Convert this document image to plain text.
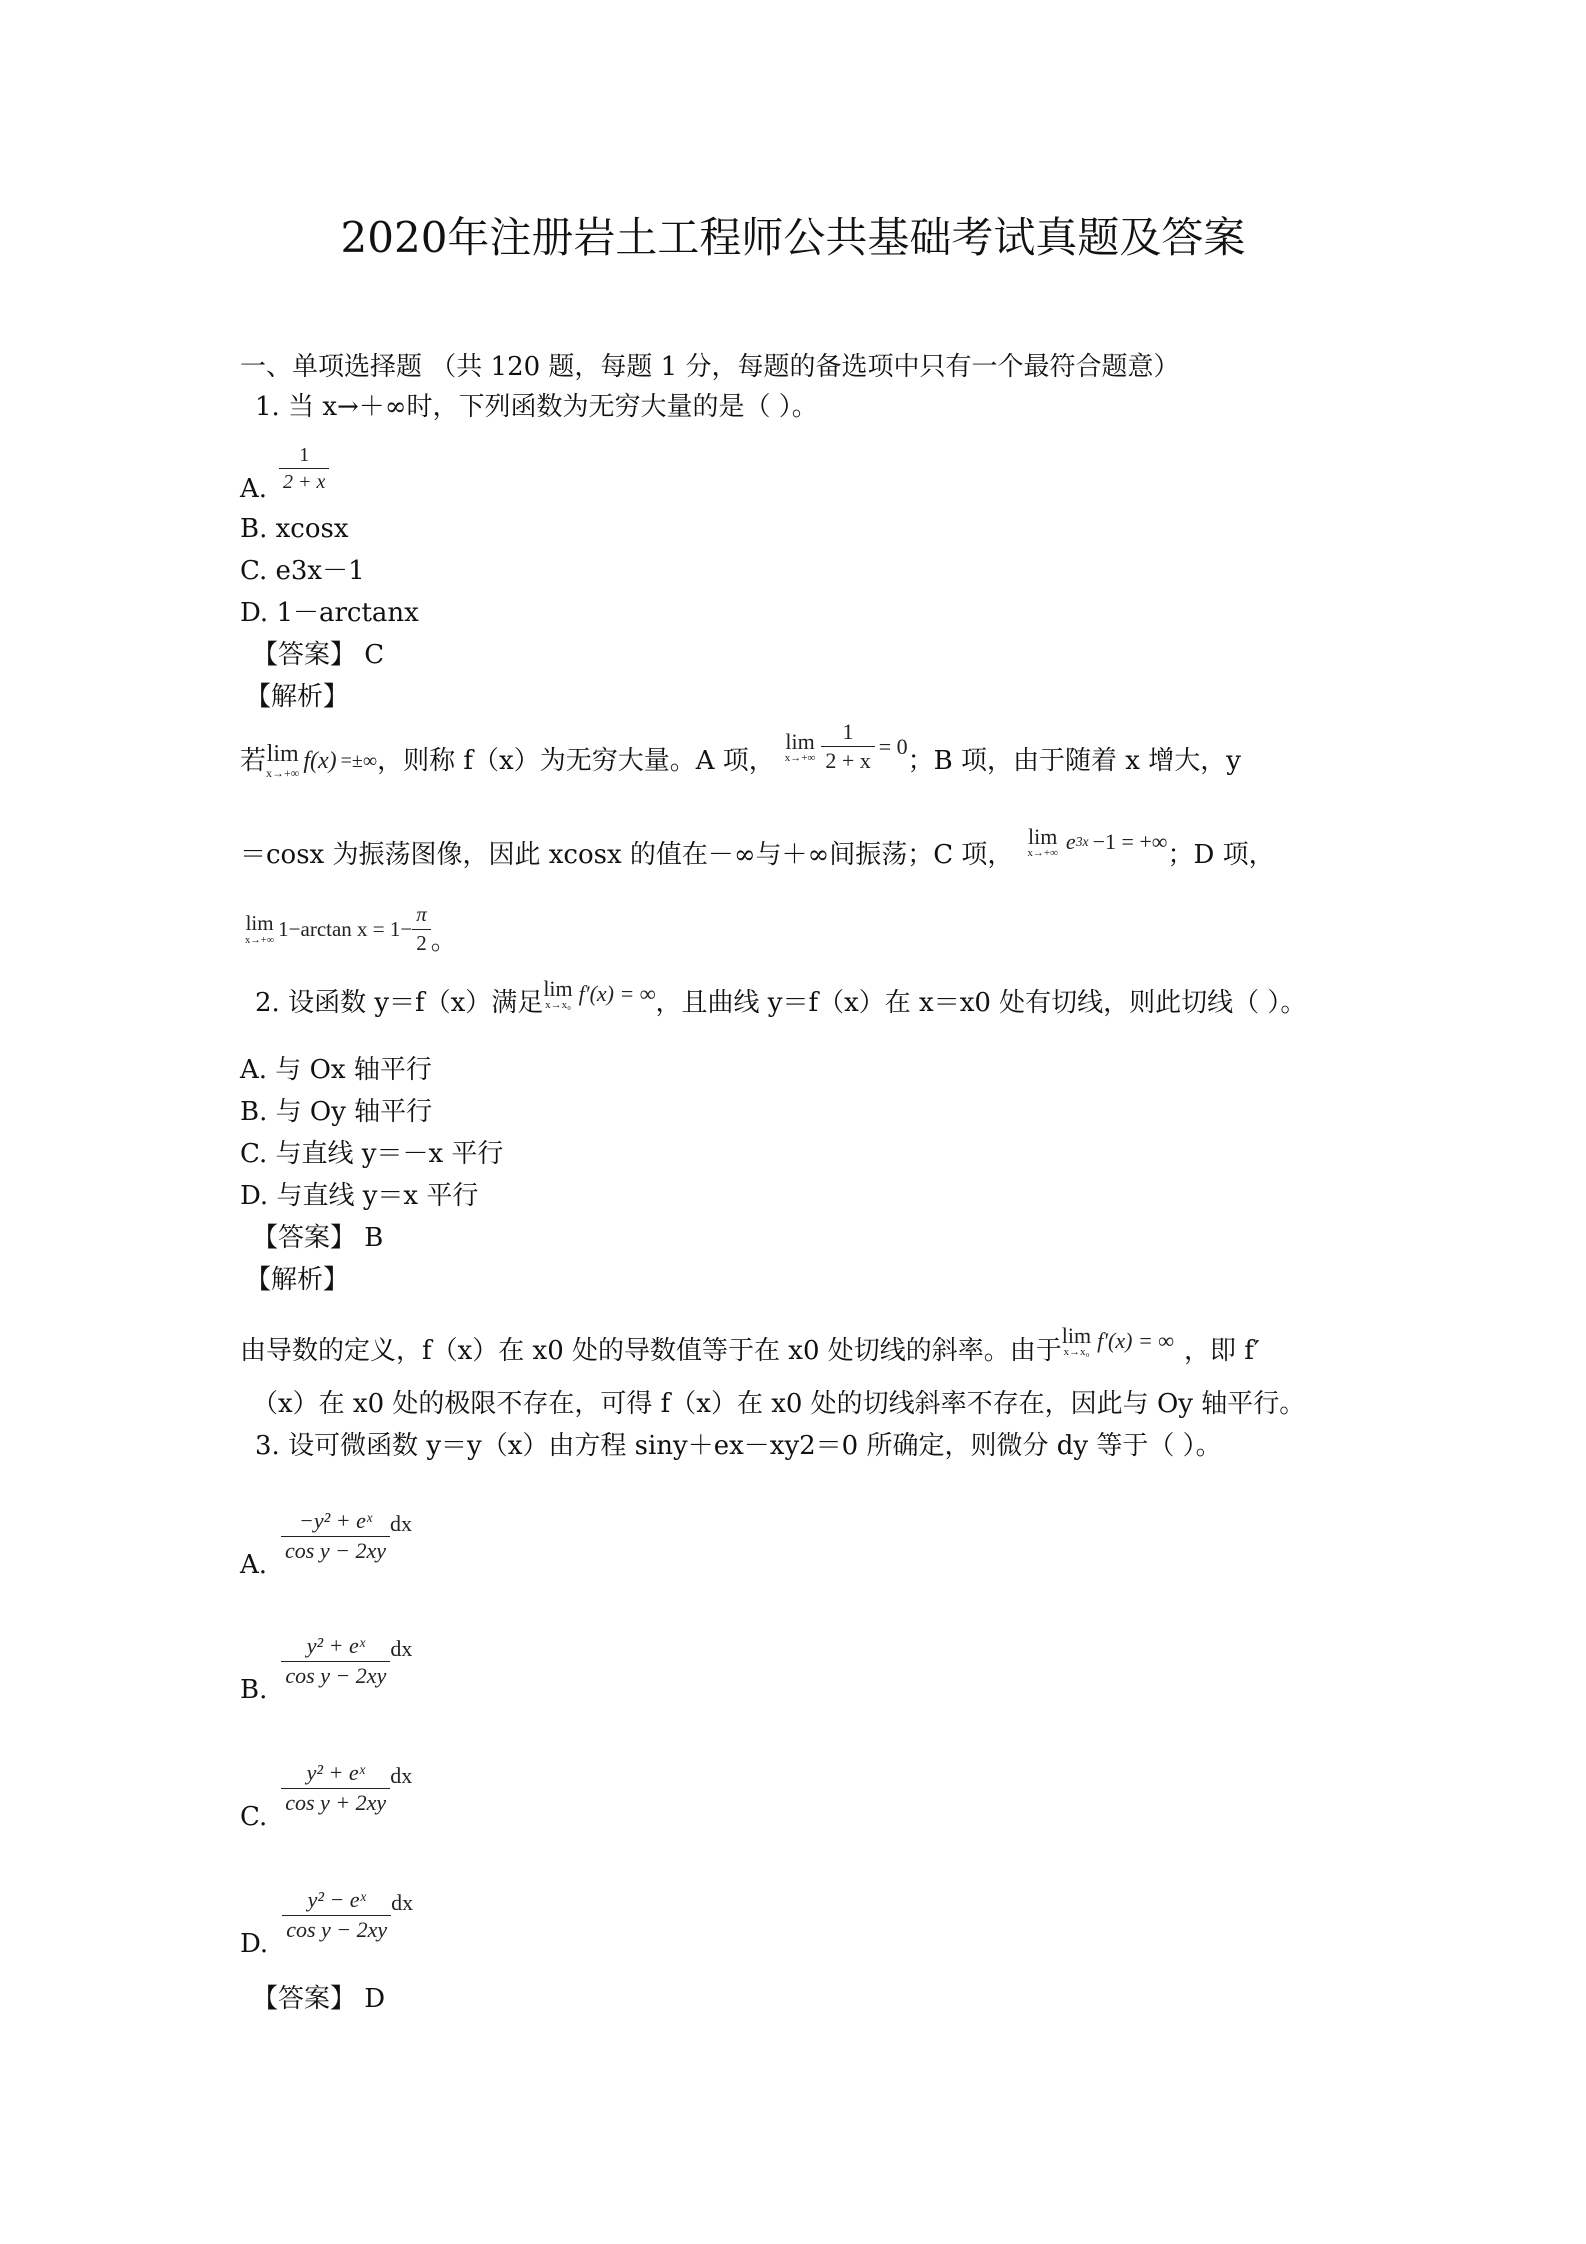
2020年注册岩土工程师公共基础考试真题及答案
一、单项选择题 （共 120 题，每题 1 分，每题的备选项中只有一个最符合题意）
1. 当 x→＋∞时，下列函数为无穷大量的是（ ）。
A. $\frac{1}{2 + x}$
B. xcosx
C. e3x－1
D. 1－arctanx
【答案】 C
【解析】
若 lim
x→+∞ f(x) =±∞ ，则称 f（x）为无穷大量。A 项，
lim
$x\to+\infty \frac{1}{2 + x} = 0$ ；B 项，由于随着 x 增大，y
＝cosx 为振荡图像，因此 xcosx 的值在－∞与＋∞间振荡；C 项，
lim
x→+∞ e 3x −1 = +∞ ；D 项，
lim
x→+∞ 1−arctan $x = 1- \frac{\pi}{2}$ 。
2. 设函数 y＝f（x）满足 lim
x→x₀ f′(x) = ∞ ，且曲线 y＝f（x）在 x＝x0 处有切线，则此切线（ ）。
A. 与 Ox 轴平行
B. 与 Oy 轴平行
C. 与直线 y＝－x 平行
D. 与直线 y＝x 平行
【答案】 B
【解析】
由导数的定义，f（x）在 x0 处的导数值等于在 x0 处切线的斜率。由于
lim
x→x₀ f′(x) = ∞ ，即 f′
（x）在 x0 处的极限不存在，可得 f（x）在 x0 处的切线斜率不存在，因此与 Oy 轴平行。
3. 设可微函数 y＝y（x）由方程 siny＋ex－xy2＝0 所确定，则微分 dy 等于（ ）。
A.
$\frac{\text{−y² + eˣ}}{\text{cos y − 2xy}}$ dx
B.
$\frac{\text{y² + eˣ}}{\text{cos y − 2xy}}$ dx
C.
$\frac{\text{y² + eˣ}}{\text{cos y + 2xy}}$ dx
D.
$\frac{\text{y² − eˣ}}{\text{cos y − 2xy}}$ dx
【答案】 D
